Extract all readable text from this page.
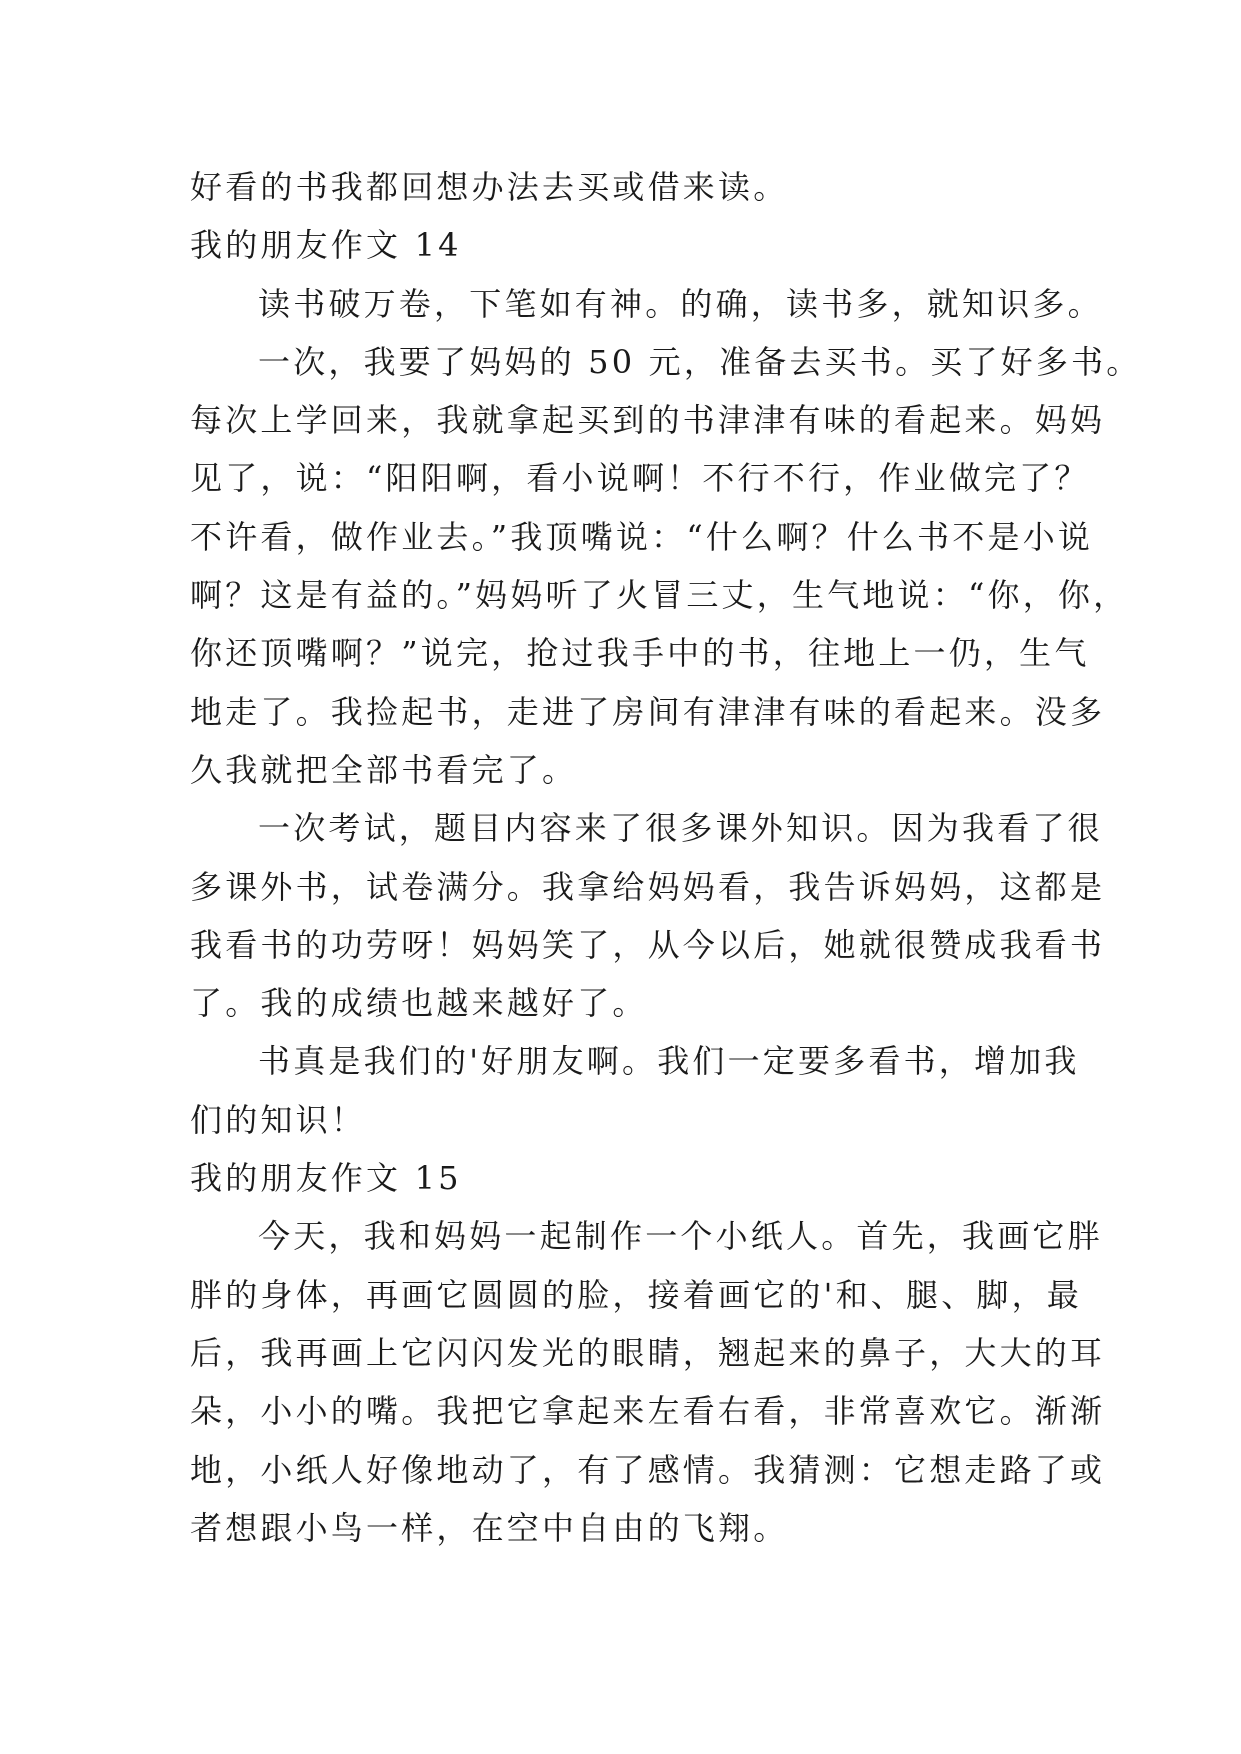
好看的书我都回想办法去买或借来读。
我的朋友作文 14
读书破万卷，下笔如有神。的确，读书多，就知识多。
一次，我要了妈妈的 50 元，准备去买书。买了好多书。
每次上学回来，我就拿起买到的书津津有味的看起来。妈妈
见了，说：“阳阳啊，看小说啊！不行不行，作业做完了？
不许看，做作业去。”我顶嘴说：“什么啊？什么书不是小说
啊？这是有益的。”妈妈听了火冒三丈，生气地说：“你，你，
你还顶嘴啊？”说完，抢过我手中的书，往地上一仍，生气
地走了。我捡起书，走进了房间有津津有味的看起来。没多
久我就把全部书看完了。
一次考试，题目内容来了很多课外知识。因为我看了很
多课外书，试卷满分。我拿给妈妈看，我告诉妈妈，这都是
我看书的功劳呀！妈妈笑了，从今以后，她就很赞成我看书
了。我的成绩也越来越好了。
书真是我们的'好朋友啊。我们一定要多看书，增加我
们的知识！
我的朋友作文 15
今天，我和妈妈一起制作一个小纸人。首先，我画它胖
胖的身体，再画它圆圆的脸，接着画它的'和、腿、脚，最
后，我再画上它闪闪发光的眼睛，翘起来的鼻子，大大的耳
朵，小小的嘴。我把它拿起来左看右看，非常喜欢它。渐渐
地，小纸人好像地动了，有了感情。我猜测：它想走路了或
者想跟小鸟一样，在空中自由的飞翔。
